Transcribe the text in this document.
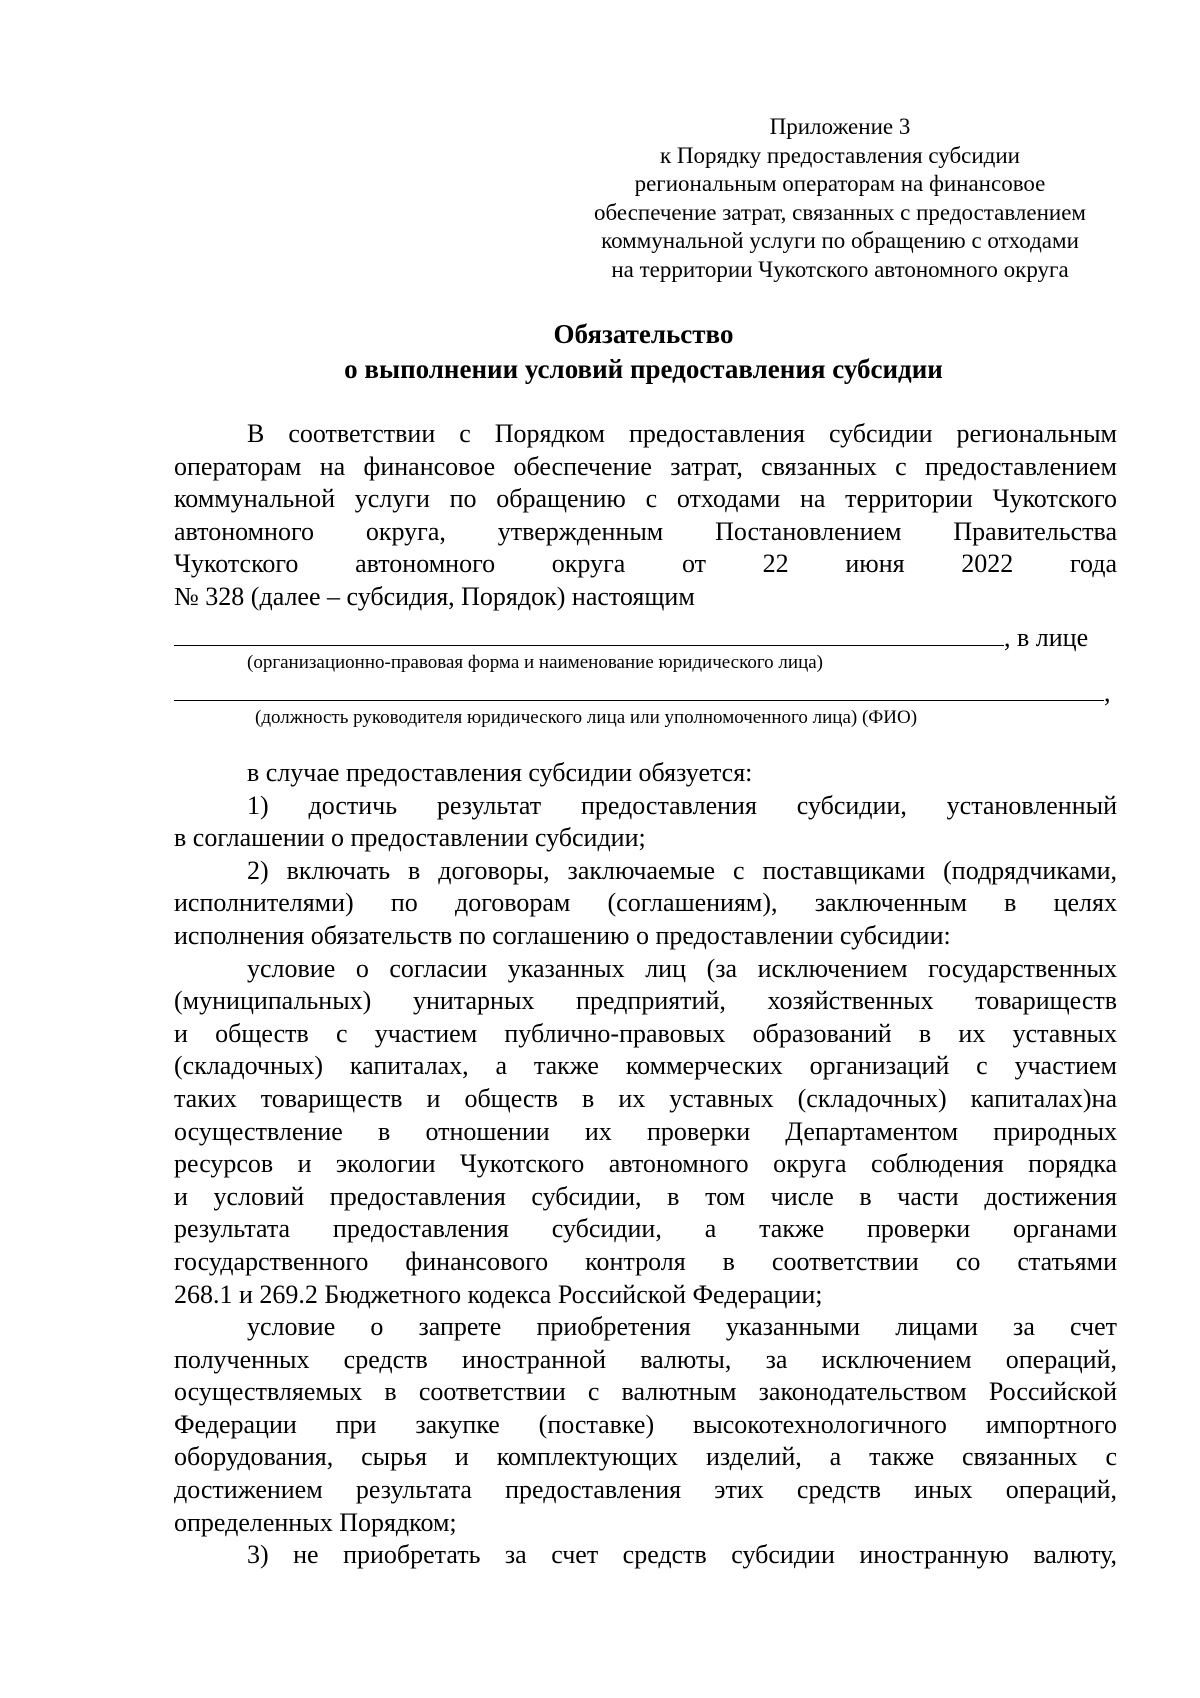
Приложение 3
к Порядку предоставления субсидии
региональным операторам на финансовое
обеспечение затрат, связанных с предоставлением
коммунальной услуги по обращению с отходами
на территории Чукотского автономного округа
Обязательство
о выполнении условий предоставления субсидии
В соответствии с Порядком предоставления субсидии региональным
операторам на финансовое обеспечение затрат, связанных с предоставлением
коммунальной услуги по обращению с отходами на территории Чукотского
автономного округа, утвержденным Постановлением Правительства
Чукотского автономного округа от 22 июня 2022 года
№ 328 (далее – субсидия, Порядок) настоящим
, в лице
(организационно-правовая форма и наименование юридического лица)
,
(должность руководителя юридического лица или уполномоченного лица) (ФИО)
в случае предоставления субсидии обязуется:
1) достичь результат предоставления субсидии, установленный
в соглашении о предоставлении субсидии;
2) включать в договоры, заключаемые с поставщиками (подрядчиками,
исполнителями) по договорам (соглашениям), заключенным в целях
исполнения обязательств по соглашению о предоставлении субсидии:
условие о согласии указанных лиц (за исключением государственных
(муниципальных) унитарных предприятий, хозяйственных товариществ
и обществ с участием публично-правовых образований в их уставных
(складочных) капиталах, а также коммерческих организаций с участием
таких товариществ и обществ в их уставных (складочных) капиталах)на
осуществление в отношении их проверки Департаментом природных
ресурсов и экологии Чукотского автономного округа соблюдения порядка
и условий предоставления субсидии, в том числе в части достижения
результата предоставления субсидии, а также проверки органами
государственного финансового контроля в соответствии со статьями
268.1 и 269.2 Бюджетного кодекса Российской Федерации;
условие о запрете приобретения указанными лицами за счет
полученных средств иностранной валюты, за исключением операций,
осуществляемых в соответствии с валютным законодательством Российской
Федерации при закупке (поставке) высокотехнологичного импортного
оборудования, сырья и комплектующих изделий, а также связанных с
достижением результата предоставления этих средств иных операций,
определенных Порядком;
3) не приобретать за счет средств субсидии иностранную валюту,
